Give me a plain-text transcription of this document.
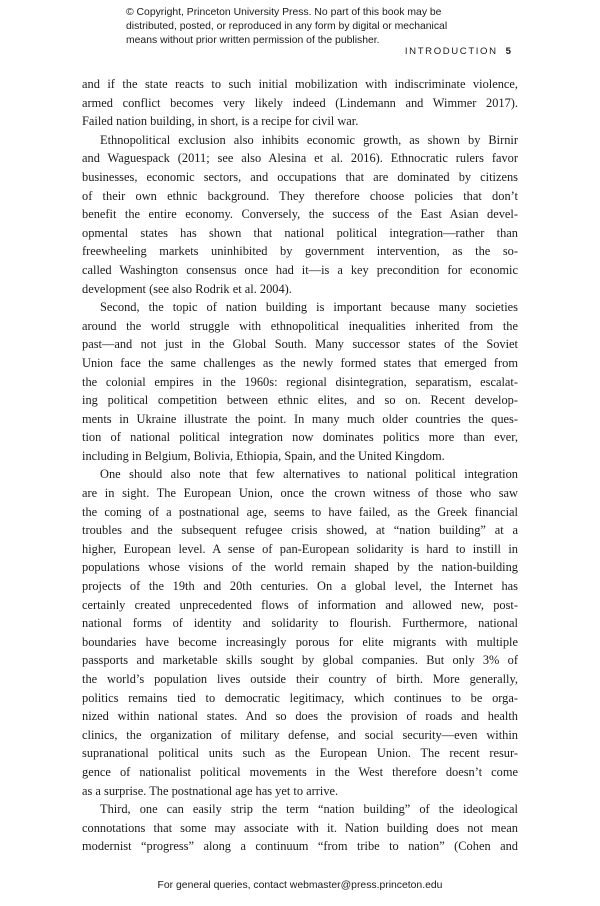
© Copyright, Princeton University Press. No part of this book may be
distributed, posted, or reproduced in any form by digital or mechanical
means without prior written permission of the publisher.
INTRODUCTION 5
and if the state reacts to such initial mobilization with indiscriminate violence,
armed conflict becomes very likely indeed (Lindemann and Wimmer 2017).
Failed nation building, in short, is a recipe for civil war.
Ethnopolitical exclusion also inhibits economic growth, as shown by Birnir
and Waguespack (2011; see also Alesina et al. 2016). Ethnocratic rulers favor
businesses, economic sectors, and occupations that are dominated by citizens
of their own ethnic background. They therefore choose policies that don’t
benefit the entire economy. Conversely, the success of the East Asian devel-
opmental states has shown that national political integration—rather than
freewheeling markets uninhibited by government intervention, as the so-
called Washington consensus once had it—is a key precondition for economic
development (see also Rodrik et al. 2004).
Second, the topic of nation building is important because many societies
around the world struggle with ethnopolitical inequalities inherited from the
past—and not just in the Global South. Many successor states of the Soviet
Union face the same challenges as the newly formed states that emerged from
the colonial empires in the 1960s: regional disintegration, separatism, escalat-
ing political competition between ethnic elites, and so on. Recent develop-
ments in Ukraine illustrate the point. In many much older countries the ques-
tion of national political integration now dominates politics more than ever,
including in Belgium, Bolivia, Ethiopia, Spain, and the United Kingdom.
One should also note that few alternatives to national political integration
are in sight. The European Union, once the crown witness of those who saw
the coming of a postnational age, seems to have failed, as the Greek financial
troubles and the subsequent refugee crisis showed, at “nation building” at a
higher, European level. A sense of pan-European solidarity is hard to instill in
populations whose visions of the world remain shaped by the nation-building
projects of the 19th and 20th centuries. On a global level, the Internet has
certainly created unprecedented flows of information and allowed new, post-
national forms of identity and solidarity to flourish. Furthermore, national
boundaries have become increasingly porous for elite migrants with multiple
passports and marketable skills sought by global companies. But only 3% of
the world’s population lives outside their country of birth. More generally,
politics remains tied to democratic legitimacy, which continues to be orga-
nized within national states. And so does the provision of roads and health
clinics, the organization of military defense, and social security—even within
supranational political units such as the European Union. The recent resur-
gence of nationalist political movements in the West therefore doesn’t come
as a surprise. The postnational age has yet to arrive.
Third, one can easily strip the term “nation building” of the ideological
connotations that some may associate with it. Nation building does not mean
modernist “progress” along a continuum “from tribe to nation” (Cohen and
For general queries, contact webmaster@press.princeton.edu
